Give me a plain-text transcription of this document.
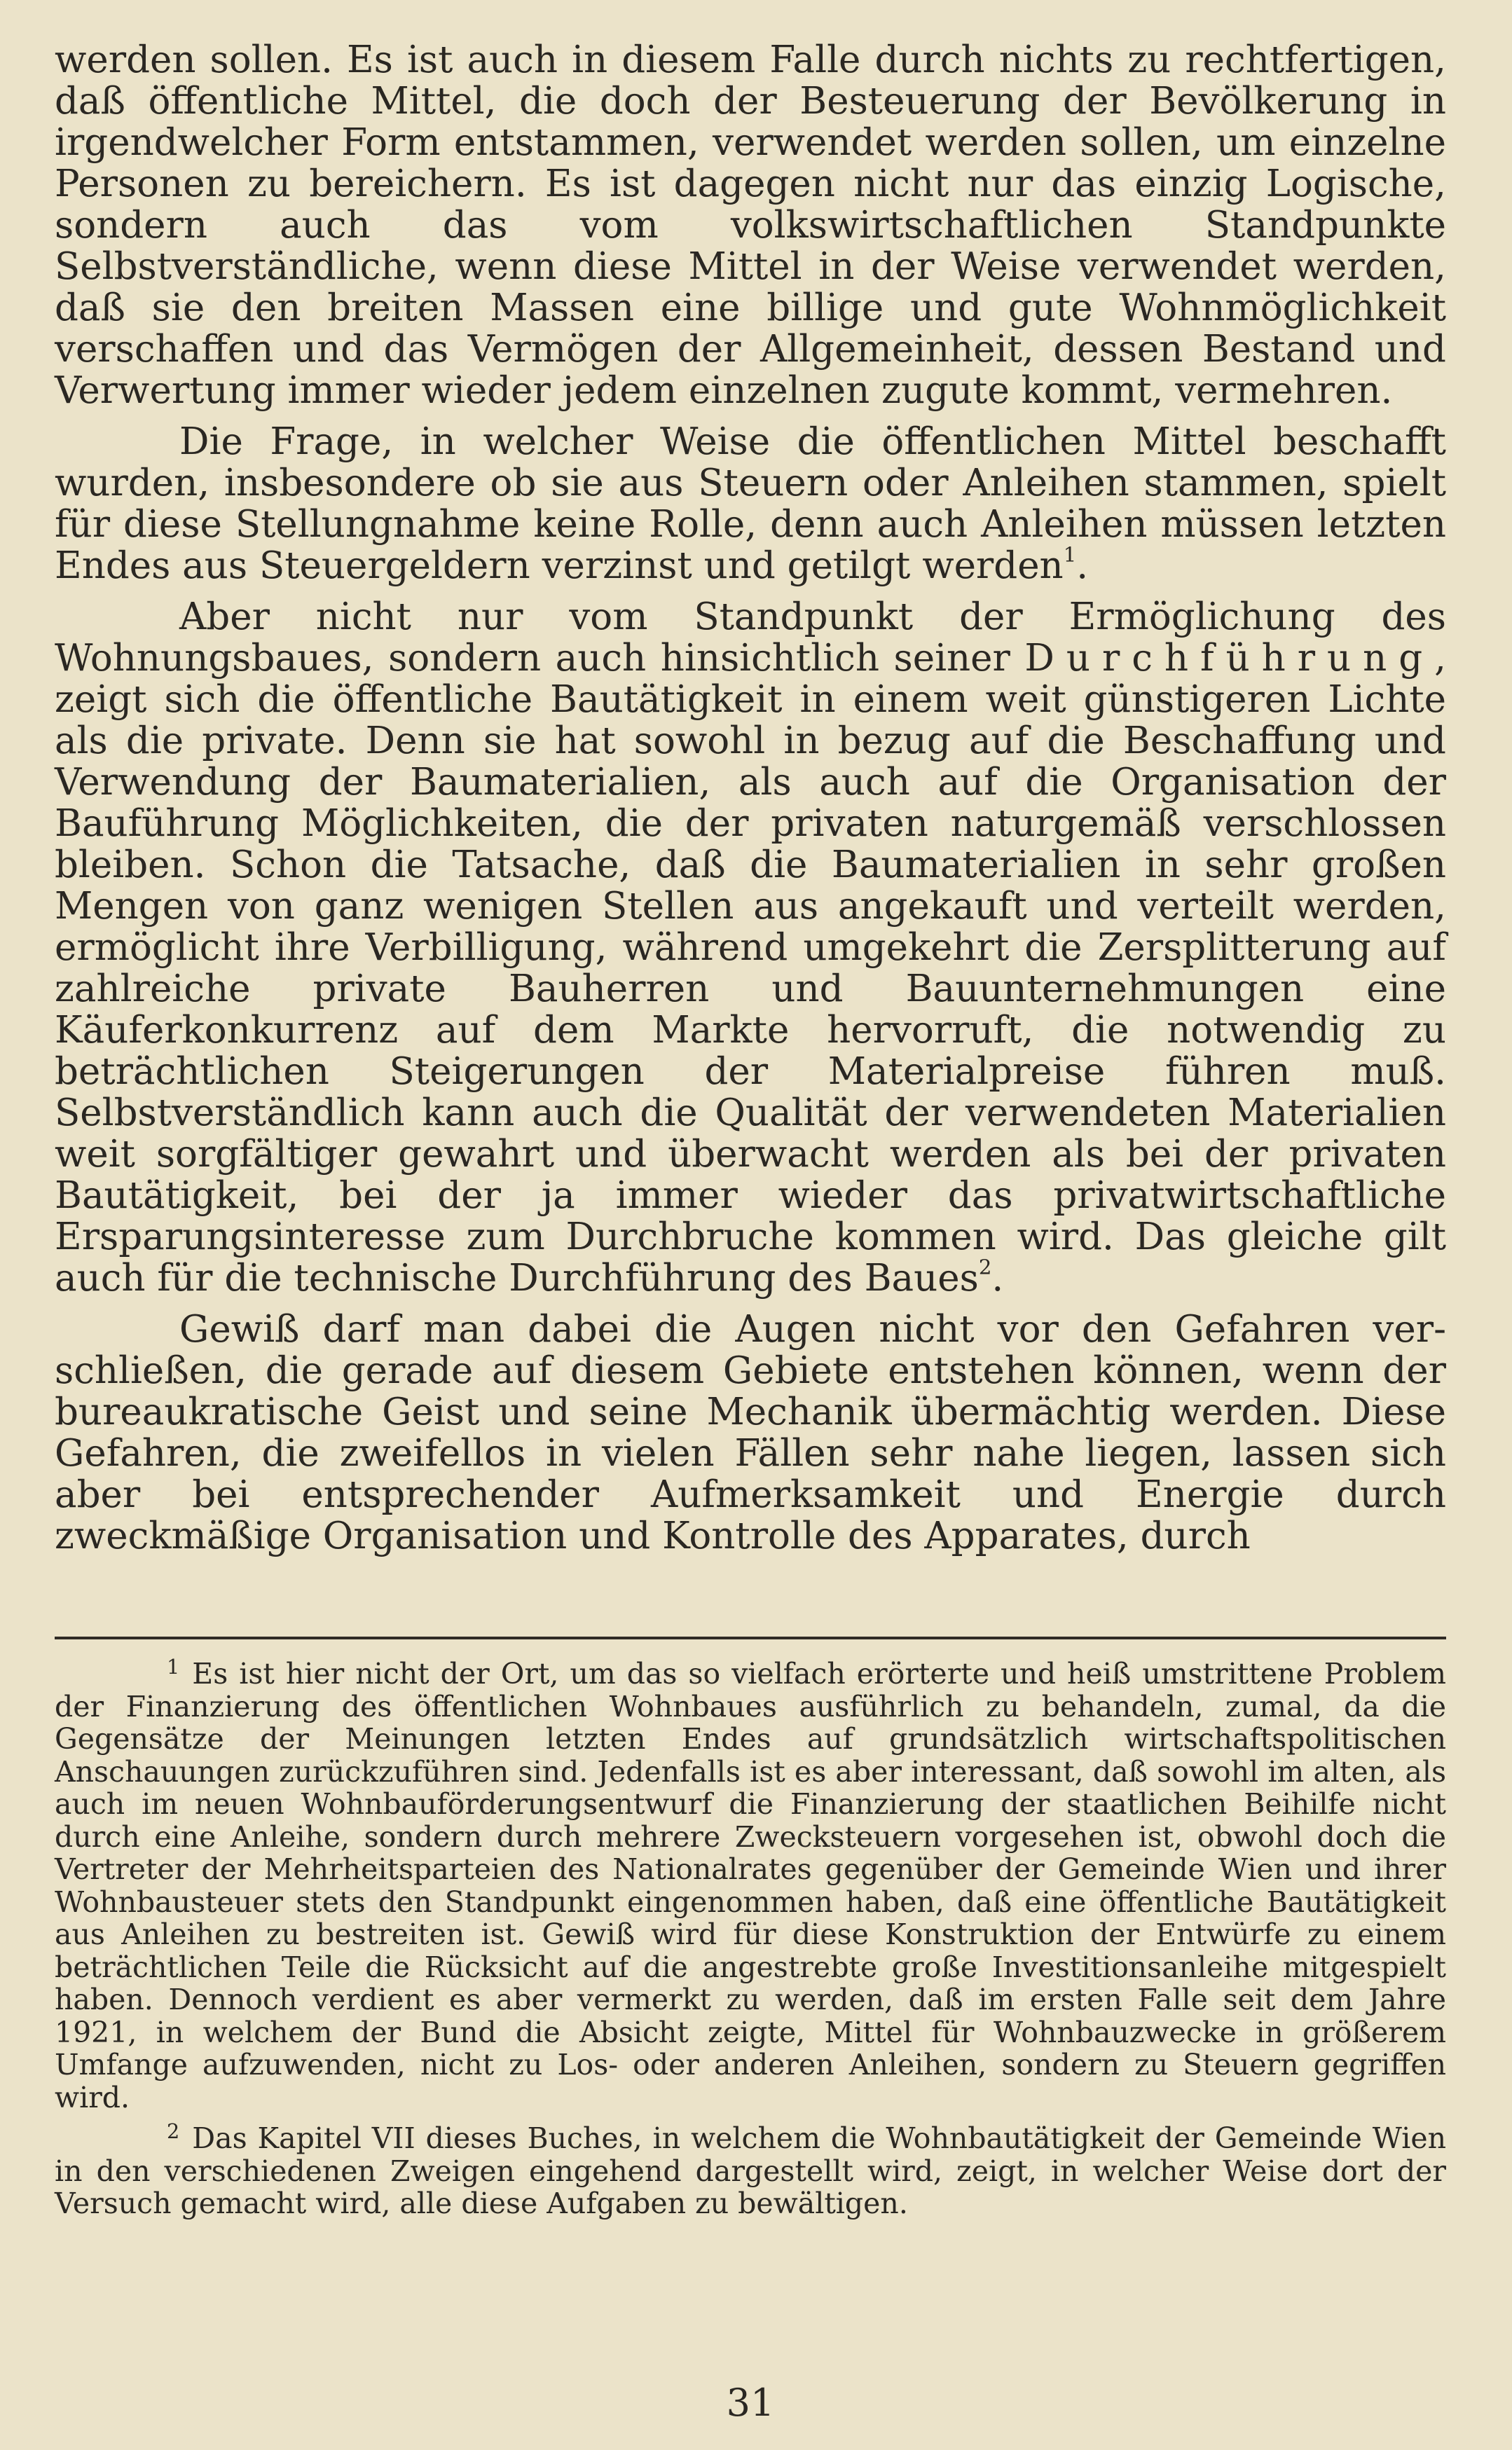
werden sollen. Es ist auch in diesem Falle durch nichts zu rechtfertigen, daß öffentliche Mittel, die doch der Besteuerung der Bevölkerung in irgendwelcher Form entstammen, verwendet werden sollen, um einzelne Personen zu bereichern. Es ist dagegen nicht nur das einzig Logische, sondern auch das vom volkswirtschaftlichen Standpunkte Selbstverständliche, wenn diese Mittel in der Weise verwendet werden, daß sie den breiten Massen eine billige und gute Wohnmöglichkeit verschaffen und das Vermögen der Allgemeinheit, dessen Bestand und Verwertung immer wieder jedem einzelnen zugute kommt, vermehren.

Die Frage, in welcher Weise die öffentlichen Mittel beschafft wurden, insbesondere ob sie aus Steuern oder Anleihen stammen, spielt für diese Stellungnahme keine Rolle, denn auch Anleihen müssen letzten Endes aus Steuergeldern verzinst und getilgt werden$^1$.

Aber nicht nur vom Standpunkt der Ermöglichung des Wohnungsbaues, sondern auch hinsichtlich seiner Durchführung, zeigt sich die öffentliche Bautätigkeit in einem weit günstigeren Lichte als die private. Denn sie hat sowohl in bezug auf die Beschaffung und Verwendung der Baumaterialien, als auch auf die Organisation der Bauführung Möglichkeiten, die der privaten naturgemäß verschlossen bleiben. Schon die Tatsache, daß die Baumaterialien in sehr großen Mengen von ganz wenigen Stellen aus angekauft und verteilt werden, ermöglicht ihre Verbilligung, während umgekehrt die Zersplitterung auf zahlreiche private Bauherren und Bauunternehmungen eine Käuferkonkurrenz auf dem Markte hervorruft, die notwendig zu beträchtlichen Steigerungen der Materialpreise führen muß. Selbstverständlich kann auch die Qualität der verwendeten Materialien weit sorgfältiger gewahrt und überwacht werden als bei der privaten Bautätigkeit, bei der ja immer wieder das privatwirtschaftliche Ersparungsinteresse zum Durchbruche kommen wird. Das gleiche gilt auch für die technische Durchführung des Baues$^2$.

Gewiß darf man dabei die Augen nicht vor den Gefahren verschließen, die gerade auf diesem Gebiete entstehen können, wenn der bureaukratische Geist und seine Mechanik übermächtig werden. Diese Gefahren, die zweifellos in vielen Fällen sehr nahe liegen, lassen sich aber bei entsprechender Aufmerksamkeit und Energie durch zweckmäßige Organisation und Kontrolle des Apparates, durch

$^1$ Es ist hier nicht der Ort, um das so vielfach erörterte und heiß umstrittene Problem der Finanzierung des öffentlichen Wohnbaues ausführlich zu behandeln, zumal, da die Gegensätze der Meinungen letzten Endes auf grundsätzlich wirtschaftspolitischen Anschauungen zurückzuführen sind. Jedenfalls ist es aber interessant, daß sowohl im alten, als auch im neuen Wohnbauförderungsentwurf die Finanzierung der staatlichen Beihilfe nicht durch eine Anleihe, sondern durch mehrere Zwecksteuern vorgesehen ist, obwohl doch die Vertreter der Mehrheitsparteien des Nationalrates gegenüber der Gemeinde Wien und ihrer Wohnbausteuer stets den Standpunkt eingenommen haben, daß eine öffentliche Bautätigkeit aus Anleihen zu bestreiten ist. Gewiß wird für diese Konstruktion der Entwürfe zu einem beträchtlichen Teile die Rücksicht auf die angestrebte große Investitionsanleihe mitgespielt haben. Dennoch verdient es aber vermerkt zu werden, daß im ersten Falle seit dem Jahre 1921, in welchem der Bund die Absicht zeigte, Mittel für Wohnbauzwecke in größerem Umfange aufzuwenden, nicht zu Los- oder anderen Anleihen, sondern zu Steuern gegriffen wird.

$^2$ Das Kapitel VII dieses Buches, in welchem die Wohnbautätigkeit der Gemeinde Wien in den verschiedenen Zweigen eingehend dargestellt wird, zeigt, in welcher Weise dort der Versuch gemacht wird, alle diese Aufgaben zu bewältigen.

31
